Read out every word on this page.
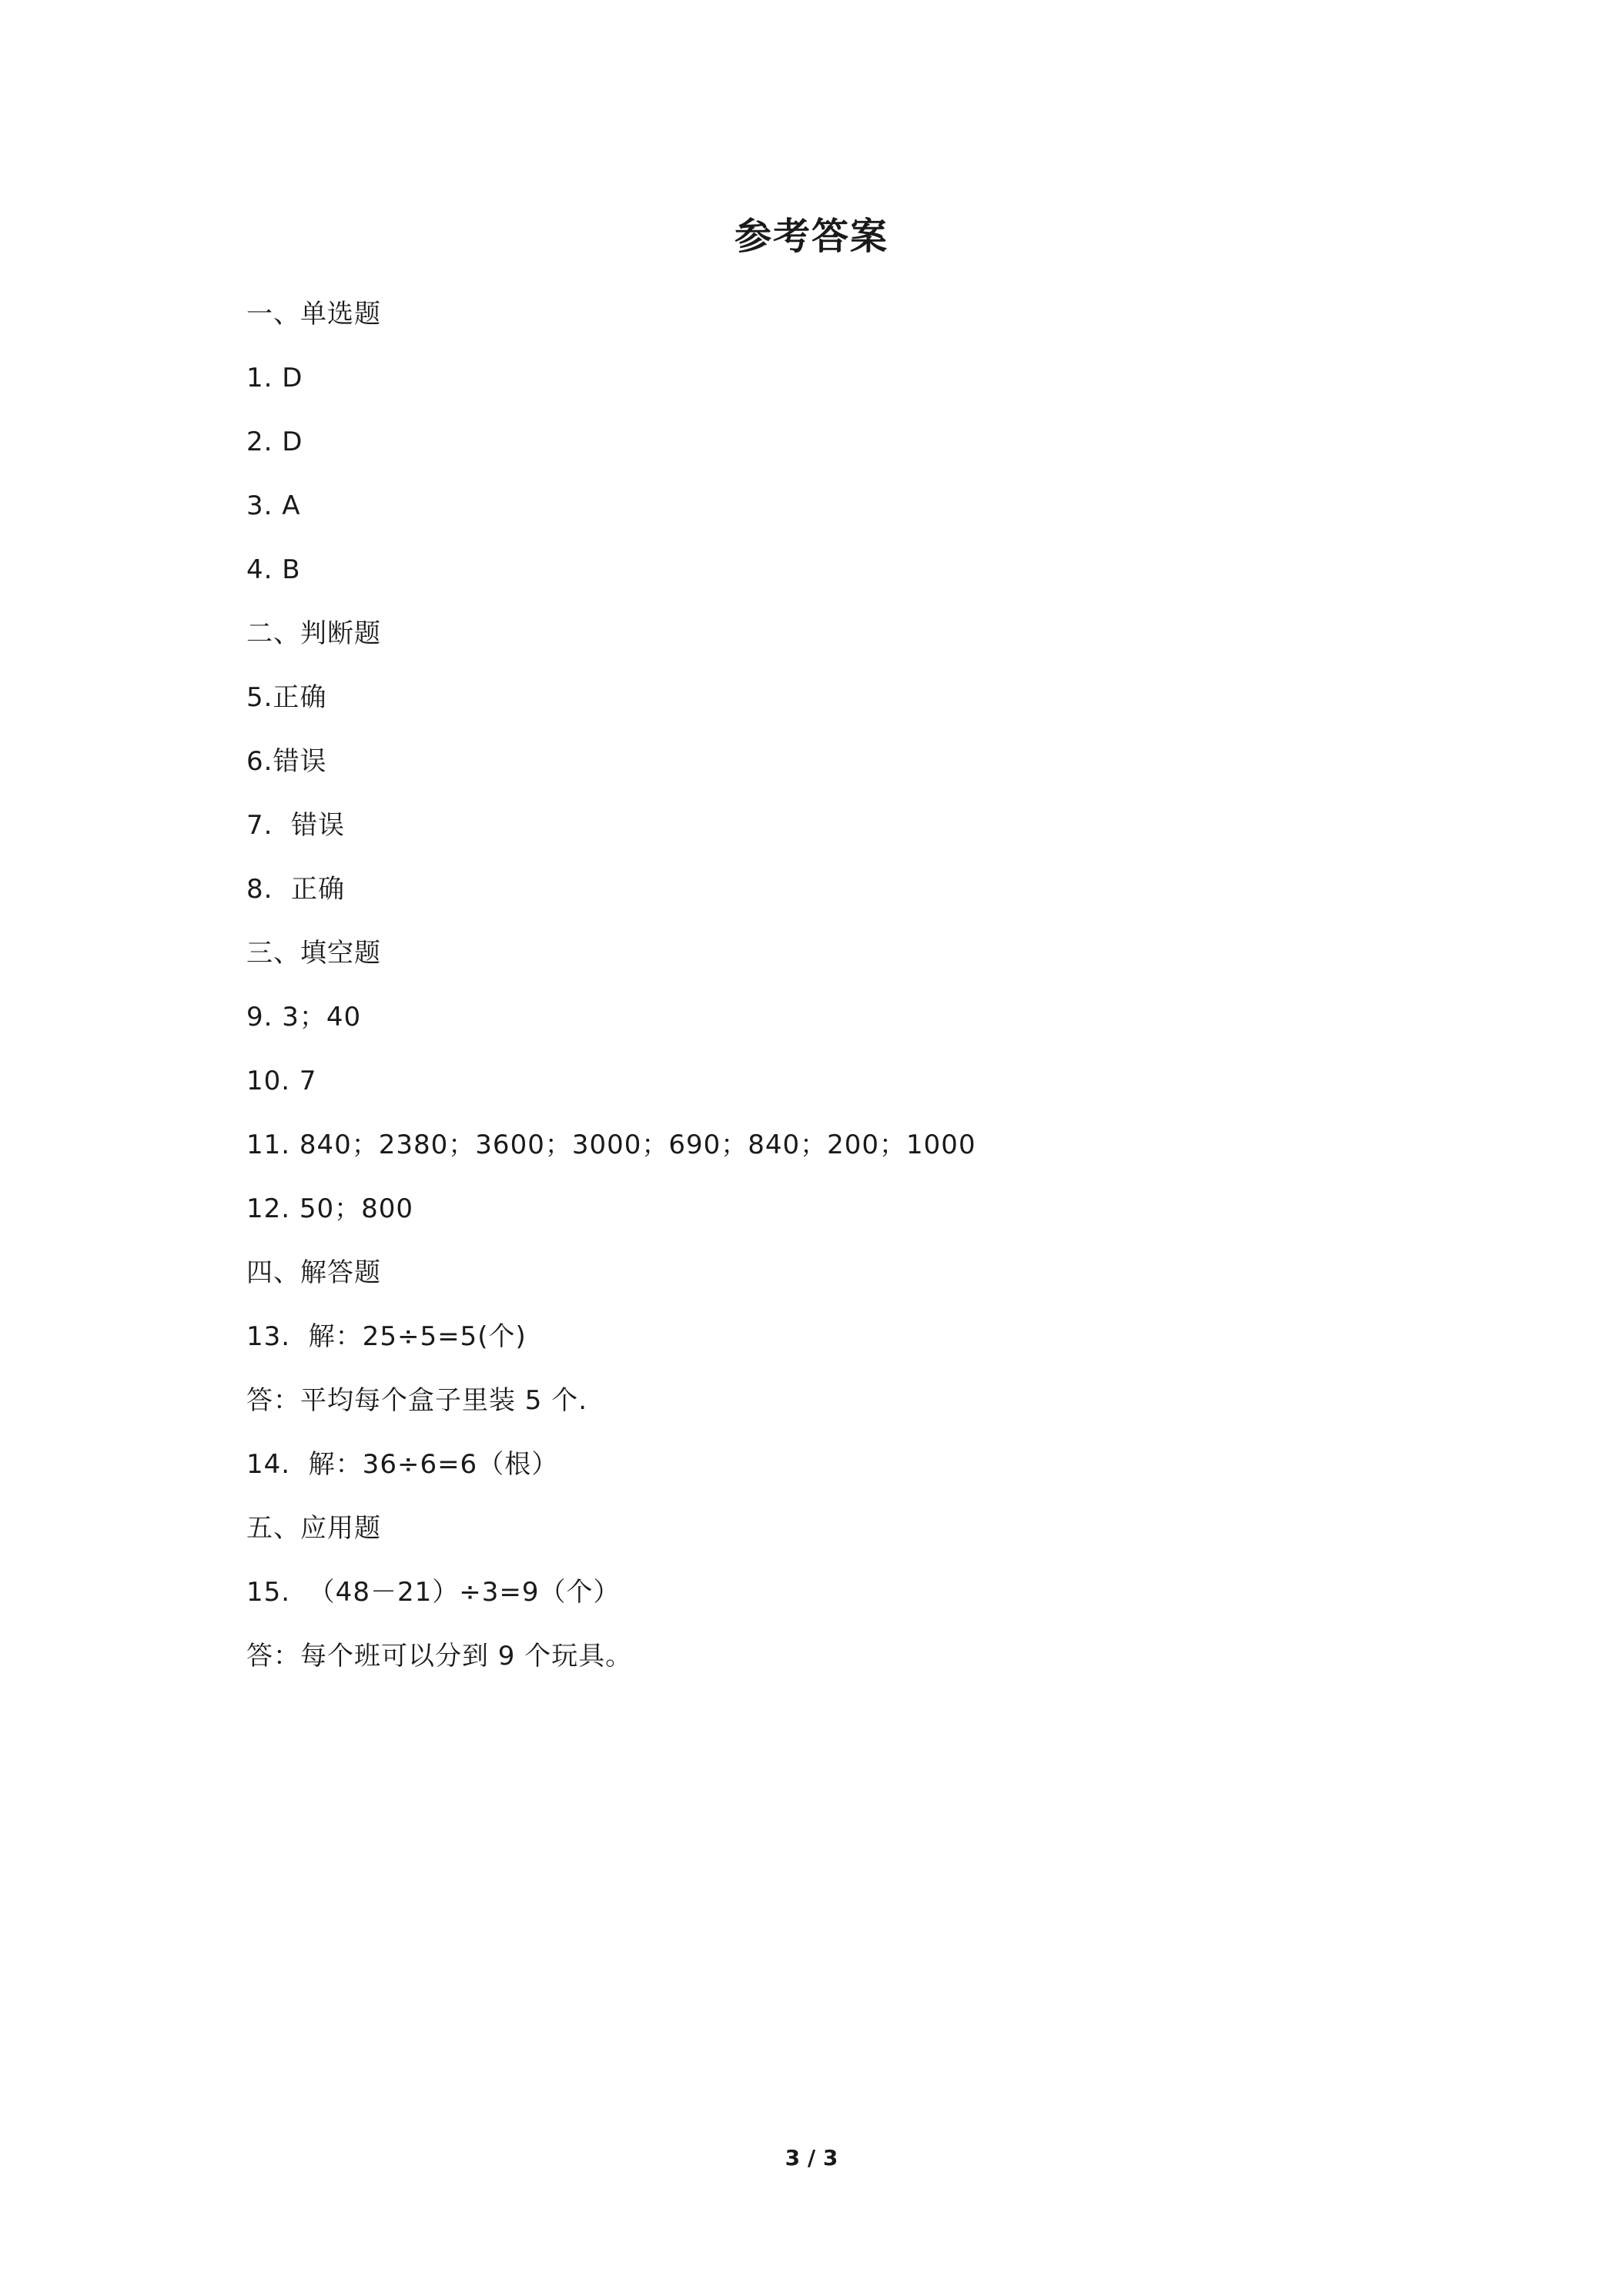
参考答案
一、单选题
1. D
2. D
3. A
4. B
二、判断题
5.正确
6.错误
7.  错误
8.  正确
三、填空题
9. 3；40
10. 7
11. 840；2380；3600；3000；690；840；200；1000
12. 50；800
四、解答题
13.  解：25÷5=5(个)
答：平均每个盒子里装 5 个.
14.  解：36÷6=6（根）
五、应用题
15.  （48－21）÷3=9（个）
答：每个班可以分到 9 个玩具。
3 / 3
